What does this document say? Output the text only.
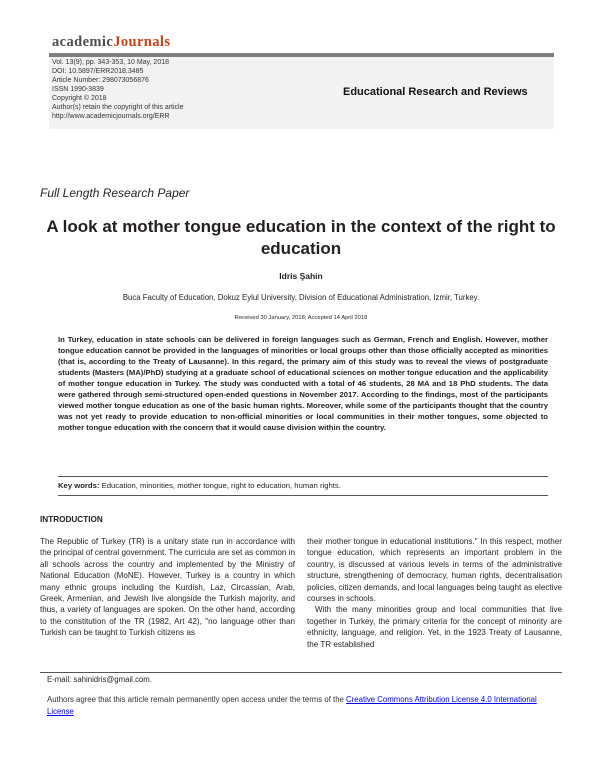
academicJournals
Vol. 13(9), pp. 343-353, 10 May, 2018
DOI: 10.5897/ERR2018.3485
Article Number: 298073056876
ISSN 1990-3839
Copyright © 2018
Author(s) retain the copyright of this article
http://www.academicjournals.org/ERR
Educational Research and Reviews
Full Length Research Paper
A look at mother tongue education in the context of the right to education
Idris Şahin
Buca Faculty of Education, Dokuz Eylul University, Division of Educational Administration, Izmir, Turkey.
Received 30 January, 2018; Accepted 14 April 2018
In Turkey, education in state schools can be delivered in foreign languages such as German, French and English. However, mother tongue education cannot be provided in the languages of minorities or local groups other than those officially accepted as minorities (that is, according to the Treaty of Lausanne). In this regard, the primary aim of this study was to reveal the views of postgraduate students (Masters (MA)/PhD) studying at a graduate school of educational sciences on mother tongue education and the applicability of mother tongue education in Turkey. The study was conducted with a total of 46 students, 28 MA and 18 PhD students. The data were gathered through semi-structured open-ended questions in November 2017. According to the findings, most of the participants viewed mother tongue education as one of the basic human rights. Moreover, while some of the participants thought that the country was not yet ready to provide education to non-official minorities or local communities in their mother tongues, some objected to mother tongue education with the concern that it would cause division within the country.
Key words: Education, minorities, mother tongue, right to education, human rights.
INTRODUCTION

The Republic of Turkey (TR) is a unitary state run in accordance with the principal of central government. The curricula are set as common in all schools across the country and implemented by the Ministry of National Education (MoNE). However, Turkey is a country in which many ethnic groups including the Kurdish, Laz, Circassian, Arab, Greek, Armenian, and Jewish live alongside the Turkish majority, and thus, a variety of languages are spoken. On the other hand, according to the constitution of the TR (1982, Art 42), "no language other than Turkish can be taught to Turkish citizens as

their mother tongue in educational institutions." In this respect, mother tongue education, which represents an important problem in the country, is discussed at various levels in terms of the administrative structure, strengthening of democracy, human rights, decentralisation policies, citizen demands, and local languages being taught as elective courses in schools.

With the many minorities group and local communities that live together in Turkey, the primary criteria for the concept of minority are ethnicity, language, and religion. Yet, in the 1923 Treaty of Lausanne, the TR established

E-mail: sahinidris@gmail.com.
Authors agree that this article remain permanently open access under the terms of the Creative Commons Attribution License 4.0 International License
